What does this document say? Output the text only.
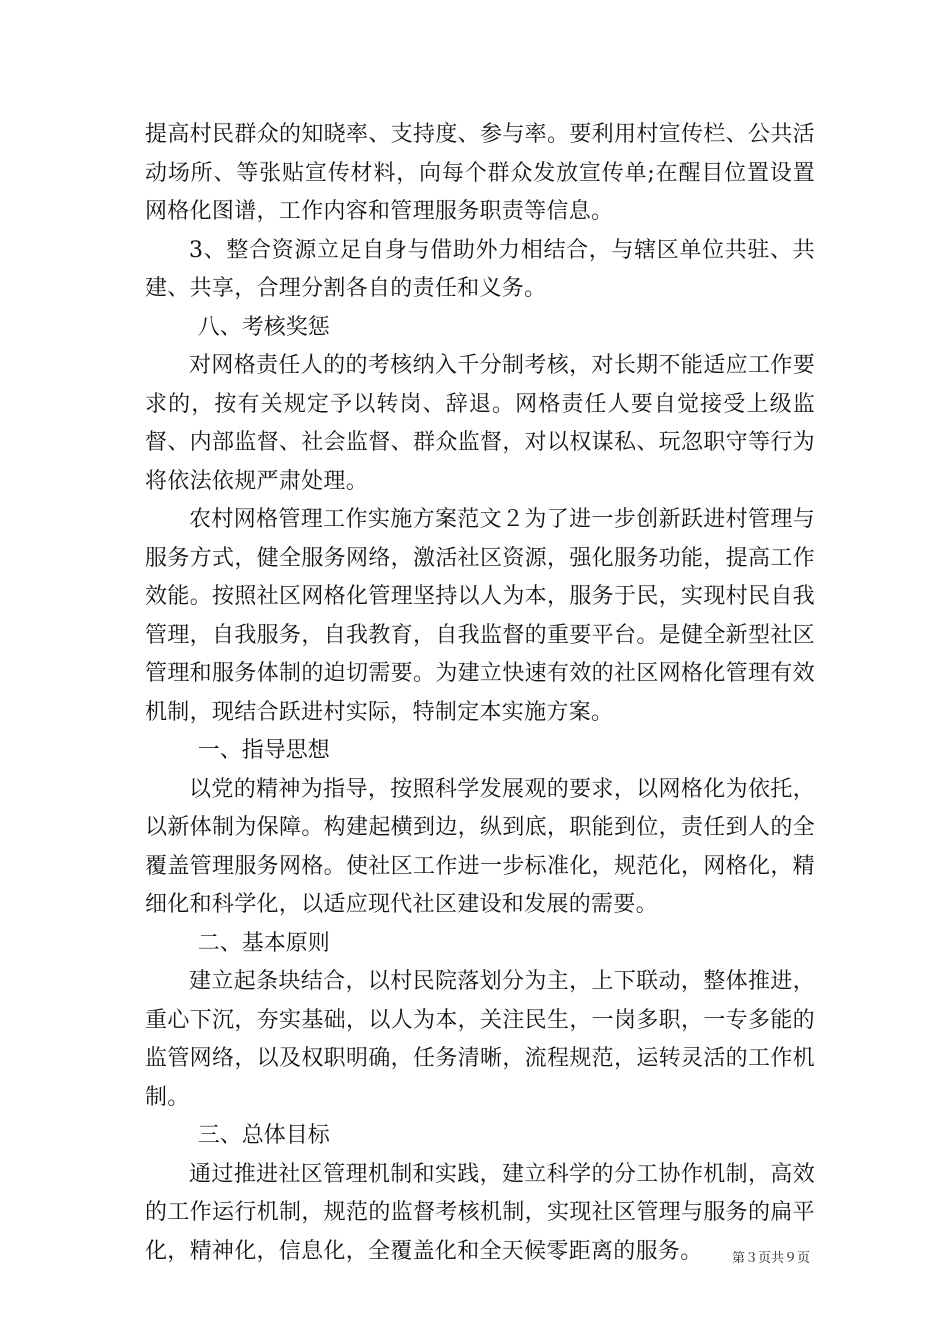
提高村民群众的知晓率、支持度、参与率。要利用村宣传栏、公共活动场所、等张贴宣传材料，向每个群众发放宣传单;在醒目位置设置网格化图谱，工作内容和管理服务职责等信息。

3、整合资源立足自身与借助外力相结合，与辖区单位共驻、共建、共享，合理分割各自的责任和义务。

八、考核奖惩

对网格责任人的的考核纳入千分制考核，对长期不能适应工作要求的，按有关规定予以转岗、辞退。网格责任人要自觉接受上级监督、内部监督、社会监督、群众监督，对以权谋私、玩忽职守等行为将依法依规严肃处理。

农村网格管理工作实施方案范文２为了进一步创新跃进村管理与服务方式，健全服务网络，激活社区资源，强化服务功能，提高工作效能。按照社区网格化管理坚持以人为本，服务于民，实现村民自我管理，自我服务，自我教育，自我监督的重要平台。是健全新型社区管理和服务体制的迫切需要。为建立快速有效的社区网格化管理有效机制，现结合跃进村实际，特制定本实施方案。

一、指导思想

以党的精神为指导，按照科学发展观的要求，以网格化为依托，以新体制为保障。构建起横到边，纵到底，职能到位，责任到人的全覆盖管理服务网格。使社区工作进一步标准化，规范化，网格化，精细化和科学化，以适应现代社区建设和发展的需要。

二、基本原则

建立起条块结合，以村民院落划分为主，上下联动，整体推进，重心下沉，夯实基础，以人为本，关注民生，一岗多职，一专多能的监管网络，以及权职明确，任务清晰，流程规范，运转灵活的工作机制。

三、总体目标

通过推进社区管理机制和实践，建立科学的分工协作机制，高效的工作运行机制，规范的监督考核机制，实现社区管理与服务的扁平化，精神化，信息化，全覆盖化和全天候零距离的服务。	第３页共９页
